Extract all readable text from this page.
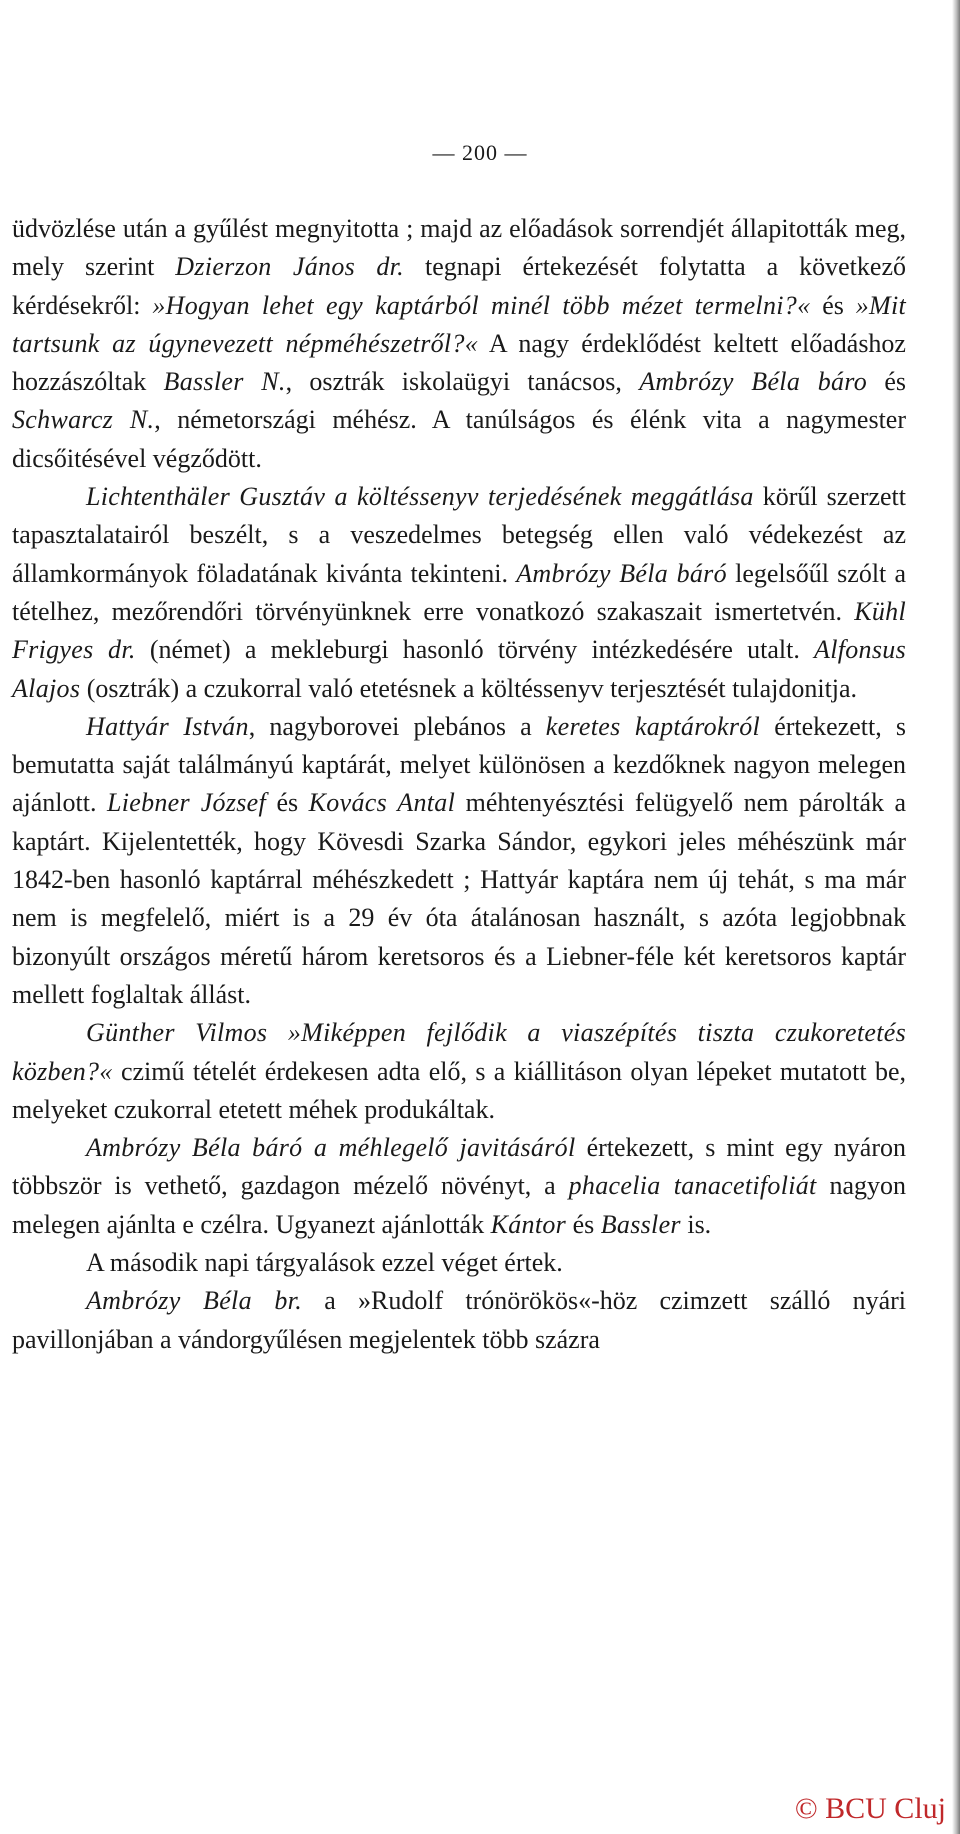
— 200 —

üdvözlése után a gyűlést megnyitotta ; majd az előadások sorrendjét állapitották meg, mely szerint Dzierzon János dr. tegnapi értekezését folytatta a következő kérdésekről: »Hogyan lehet egy kaptárból minél több mézet termelni?« és »Mit tartsunk az úgynevezett népméhészetről?« A nagy érdeklődést keltett előadáshoz hozzászóltak Bassler N., osztrák iskolaügyi tanácsos, Ambrózy Béla báro és Schwarcz N., németországi méhész. A tanúlságos és élénk vita a nagymester dicsőitésével végződött.

Lichtenthäler Gusztáv a költéssenyv terjedésének meggátlása körűl szerzett tapasztalatairól beszélt, s a veszedelmes betegség ellen való védekezést az államkormányok föladatának kivánta tekinteni. Ambrózy Béla báró legelsőűl szólt a tételhez, mezőrendőri törvényünknek erre vonatkozó szakaszait ismertetvén. Kühl Frigyes dr. (német) a mekleburgi hasonló törvény intézkedésére utalt. Alfonsus Alajos (osztrák) a czukorral való etetésnek a költéssenyv terjesztését tulajdonitja.

Hattyár István, nagyborovei plebános a keretes kaptárokról értekezett, s bemutatta saját találmányú kaptárát, melyet különösen a kezdőknek nagyon melegen ajánlott. Liebner József és Kovács Antal méhtenyésztési felügyelő nem párolták a kaptárt. Kijelentették, hogy Kövesdi Szarka Sándor, egykori jeles méhészünk már 1842-ben hasonló kaptárral méhészkedett ; Hattyár kaptára nem új tehát, s ma már nem is megfelelő, miért is a 29 év óta átalánosan használt, s azóta legjobbnak bizonyúlt országos méretű három keretsoros és a Liebner-féle két keretsoros kaptár mellett foglaltak állást.

Günther Vilmos »Miképpen fejlődik a viaszépítés tiszta czukoretetés közben?« czimű tételét érdekesen adta elő, s a kiállitáson olyan lépeket mutatott be, melyeket czukorral etetett méhek produkáltak.

Ambrózy Béla báró a méhlegelő javitásáról értekezett, s mint egy nyáron többször is vethető, gazdagon mézelő növényt, a phacelia tanacetifoliát nagyon melegen ajánlta e czélra. Ugyanezt ajánlották Kántor és Bassler is.

A második napi tárgyalások ezzel véget értek.

Ambrózy Béla br. a »Rudolf trónörökös«-höz czimzett szálló nyári pavillonjában a vándorgyűlésen megjelentek több százra

© BCU Cluj
